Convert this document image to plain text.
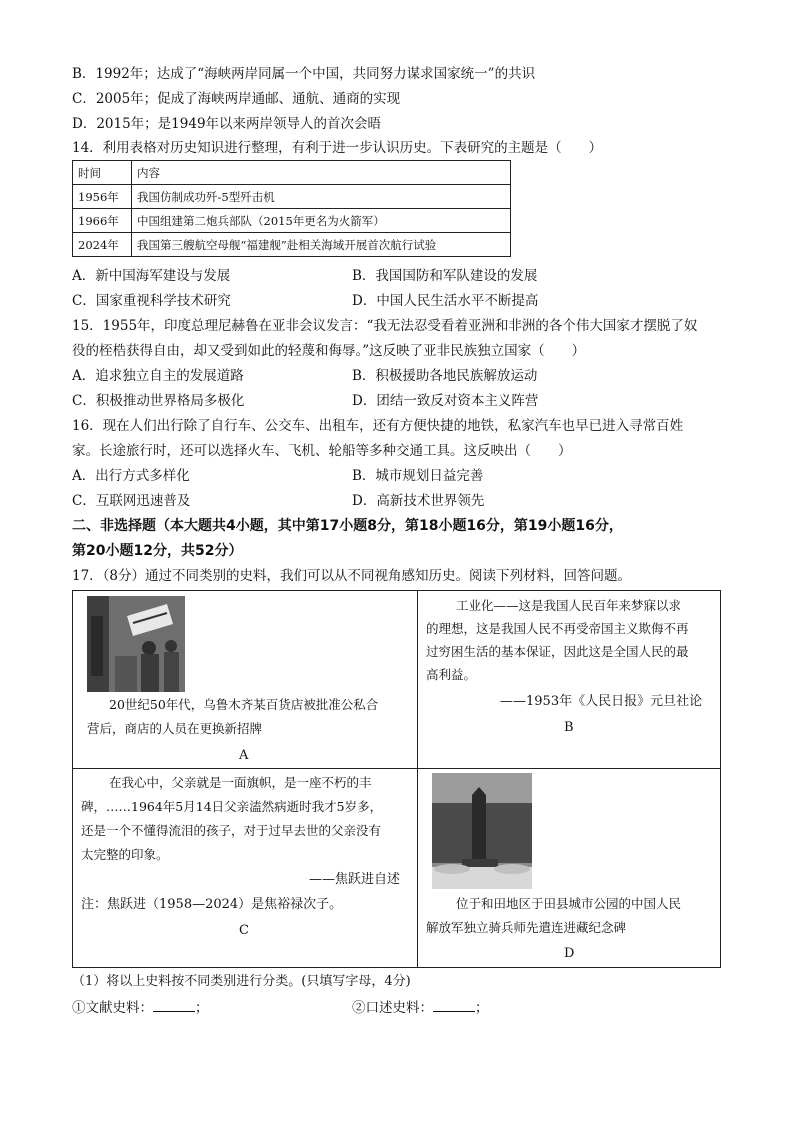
B．1992年；达成了“海峡两岸同属一个中国，共同努力谋求国家统一”的共识
C．2005年；促成了海峡两岸通邮、通航、通商的实现
D．2015年；是1949年以来两岸领导人的首次会晤
14．利用表格对历史知识进行整理，有利于进一步认识历史。下表研究的主题是（　　）
时间	内容
1956年	我国仿制成功歼-5型歼击机
1966年	中国组建第二炮兵部队（2015年更名为火箭军）
2024年	我国第三艘航空母舰“福建舰”赴相关海域开展首次航行试验
A．新中国海军建设与发展	B．我国国防和军队建设的发展
C．国家重视科学技术研究	D．中国人民生活水平不断提高
15．1955年，印度总理尼赫鲁在亚非会议发言：“我无法忍受看着亚洲和非洲的各个伟大国家才摆脱了奴
役的桎梏获得自由，却又受到如此的轻蔑和侮辱。”这反映了亚非民族独立国家（　　）
A．追求独立自主的发展道路	B．积极援助各地民族解放运动
C．积极推动世界格局多极化	D．团结一致反对资本主义阵营
16．现在人们出行除了自行车、公交车、出租车，还有方便快捷的地铁，私家汽车也早已进入寻常百姓
家。长途旅行时，还可以选择火车、飞机、轮船等多种交通工具。这反映出（　　）
A．出行方式多样化	B．城市规划日益完善
C．互联网迅速普及	D．高新技术世界领先
二、非选择题（本大题共4小题，其中第17小题8分，第18小题16分，第19小题16分，
第20小题12分，共52分）
17．（8分）通过不同类别的史料，我们可以从不同视角感知历史。阅读下列材料，回答问题。
20世纪50年代，乌鲁木齐某百货店被批准公私合
营后，商店的人员在更换新招牌
A
工业化——这是我国人民百年来梦寐以求
的理想，这是我国人民不再受帝国主义欺侮不再
过穷困生活的基本保证，因此这是全国人民的最
高利益。
——1953年《人民日报》元旦社论
B
在我心中，父亲就是一面旗帜，是一座不朽的丰
碑，……1964年5月14日父亲溘然病逝时我才5岁多，
还是一个不懂得流泪的孩子，对于过早去世的父亲没有
太完整的印象。
——焦跃进自述
注：焦跃进（1958—2024）是焦裕禄次子。
C
位于和田地区于田县城市公园的中国人民
解放军独立骑兵师先遣连进藏纪念碑
D
（1）将以上史料按不同类别进行分类。(只填写字母，4分)
①文献史料：	；	②口述史料：	；
